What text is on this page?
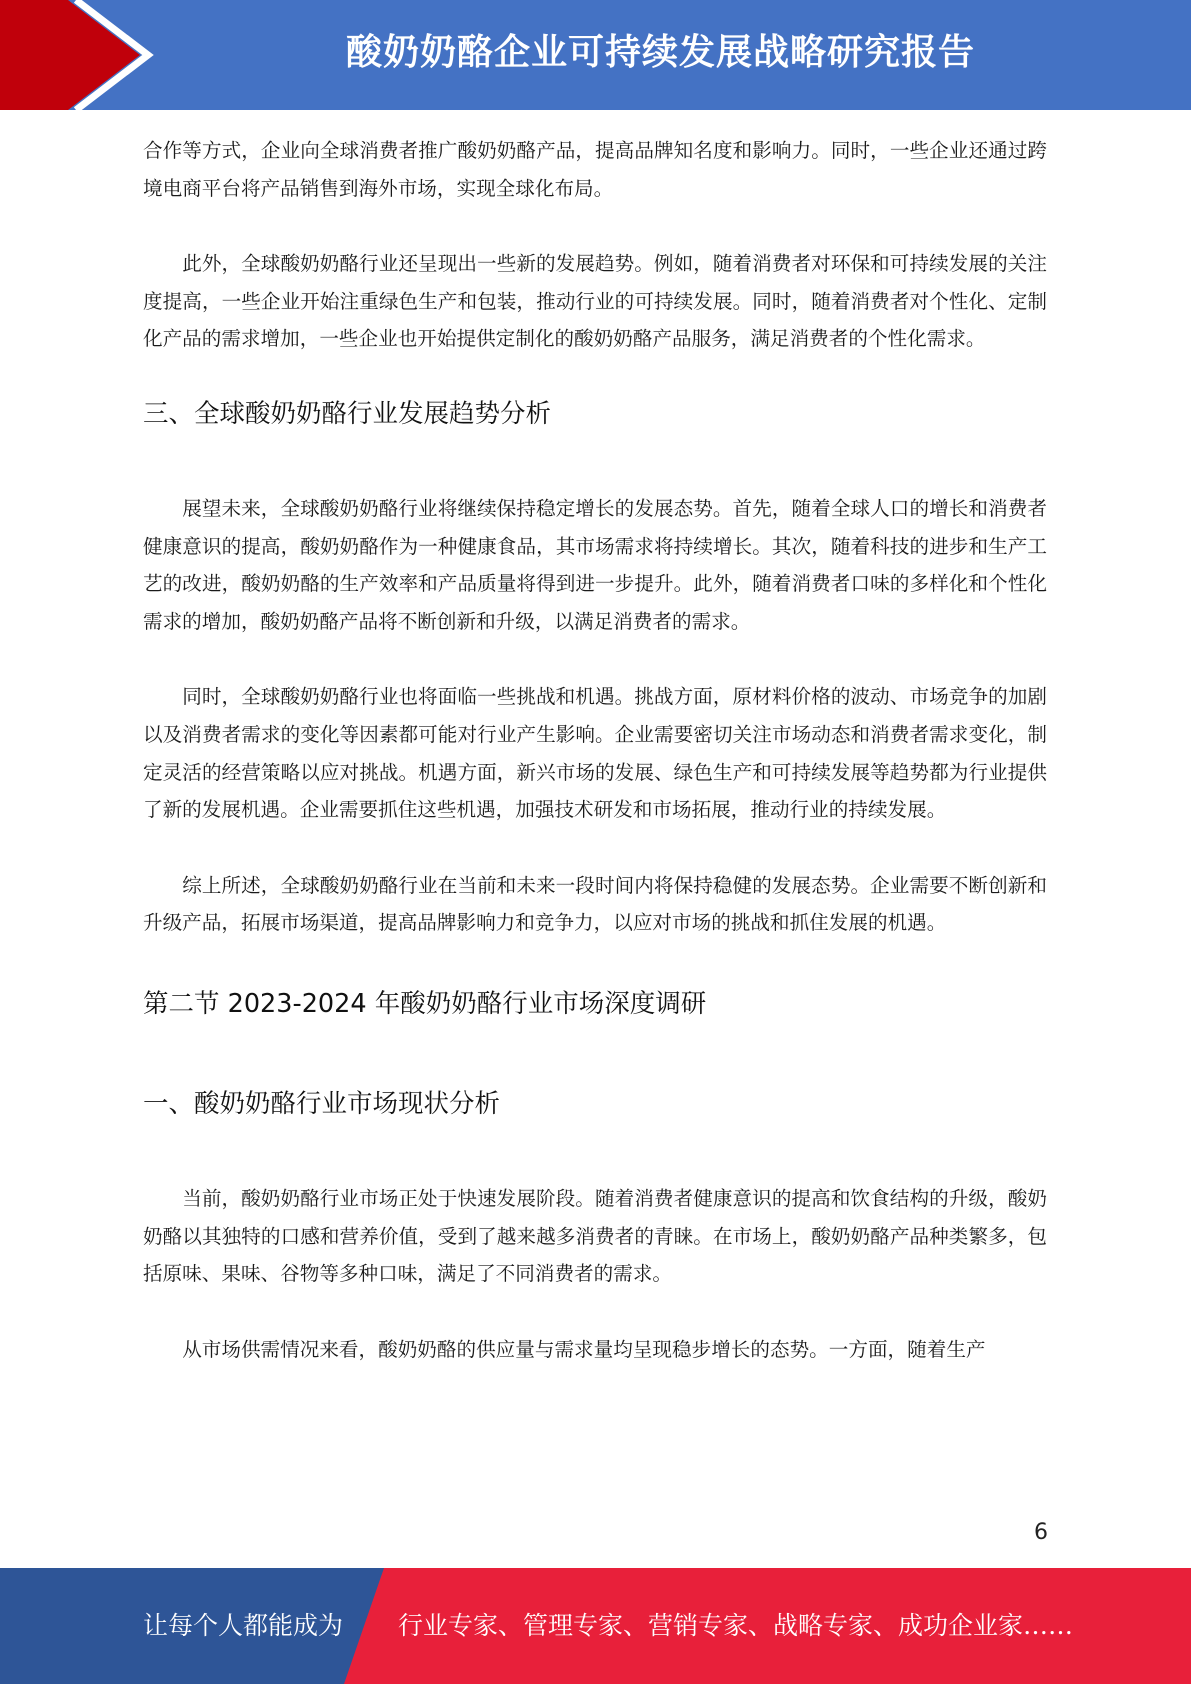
酸奶奶酪企业可持续发展战略研究报告

合作等方式，企业向全球消费者推广酸奶奶酪产品，提高品牌知名度和影响力。同时，一些企业还通过跨境电商平台将产品销售到海外市场，实现全球化布局。

此外，全球酸奶奶酪行业还呈现出一些新的发展趋势。例如，随着消费者对环保和可持续发展的关注度提高，一些企业开始注重绿色生产和包装，推动行业的可持续发展。同时，随着消费者对个性化、定制化产品的需求增加，一些企业也开始提供定制化的酸奶奶酪产品服务，满足消费者的个性化需求。

三、全球酸奶奶酪行业发展趋势分析

展望未来，全球酸奶奶酪行业将继续保持稳定增长的发展态势。首先，随着全球人口的增长和消费者健康意识的提高，酸奶奶酪作为一种健康食品，其市场需求将持续增长。其次，随着科技的进步和生产工艺的改进，酸奶奶酪的生产效率和产品质量将得到进一步提升。此外，随着消费者口味的多样化和个性化需求的增加，酸奶奶酪产品将不断创新和升级，以满足消费者的需求。

同时，全球酸奶奶酪行业也将面临一些挑战和机遇。挑战方面，原材料价格的波动、市场竞争的加剧以及消费者需求的变化等因素都可能对行业产生影响。企业需要密切关注市场动态和消费者需求变化，制定灵活的经营策略以应对挑战。机遇方面，新兴市场的发展、绿色生产和可持续发展等趋势都为行业提供了新的发展机遇。企业需要抓住这些机遇，加强技术研发和市场拓展，推动行业的持续发展。

综上所述，全球酸奶奶酪行业在当前和未来一段时间内将保持稳健的发展态势。企业需要不断创新和升级产品，拓展市场渠道，提高品牌影响力和竞争力，以应对市场的挑战和抓住发展的机遇。

第二节 2023-2024 年酸奶奶酪行业市场深度调研
一、酸奶奶酪行业市场现状分析

当前，酸奶奶酪行业市场正处于快速发展阶段。随着消费者健康意识的提高和饮食结构的升级，酸奶奶酪以其独特的口感和营养价值，受到了越来越多消费者的青睐。在市场上，酸奶奶酪产品种类繁多，包括原味、果味、谷物等多种口味，满足了不同消费者的需求。

从市场供需情况来看，酸奶奶酪的供应量与需求量均呈现稳步增长的态势。一方面，随着生产

6
让每个人都能成为 行业专家、管理专家、营销专家、战略专家、成功企业家……
